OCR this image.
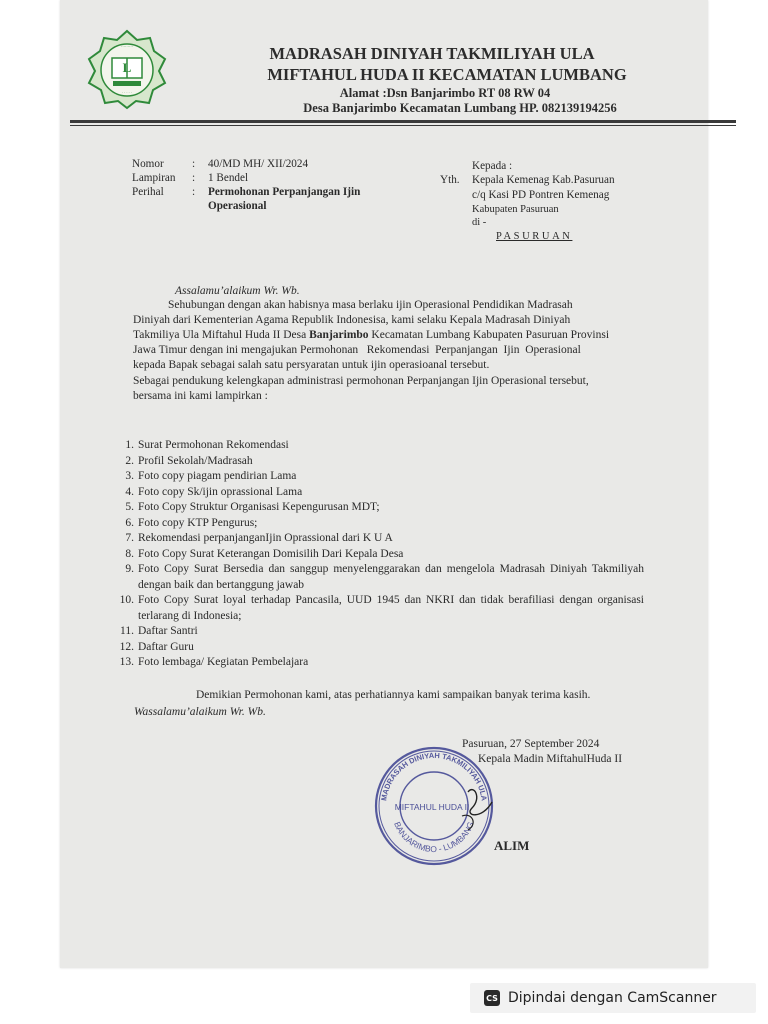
L
·········
· · · · ·
MADRASAH DINIYAH TAKMILIYAH ULA
MIFTAHUL HUDA II KECAMATAN LUMBANG
Alamat :Dsn Banjarimbo RT 08 RW 04
Desa Banjarimbo Kecamatan Lumbang HP. 082139194256
Nomor	: 40/MD MH/ XII/2024
Lampiran : 1 Bendel
Perihal	: Permohonan Perpanjangan Ijin
Operasional
Kepada :
Yth. Kepala Kemenag Kab.Pasuruan
c/q Kasi PD Pontren Kemenag
Kabupaten Pasuruan
di -
PASURUAN
Assalamu’alaikum Wr. Wb.
Sehubungan dengan akan habisnya masa berlaku ijin Operasional Pendidikan Madrasah
Diniyah dari Kementerian Agama Republik Indonesisa, kami selaku Kepala Madrasah Diniyah
Takmiliya Ula Miftahul Huda II Desa Banjarimbo Kecamatan Lumbang Kabupaten Pasuruan Provinsi
Jawa Timur dengan ini mengajukan Permohonan   Rekomendasi  Perpanjangan  Ijin  Operasional
kepada Bapak sebagai salah satu persyaratan untuk ijin operasioanal tersebut.
Sebagai pendukung kelengkapan administrasi permohonan Perpanjangan Ijin Operasional tersebut,
bersama ini kami lampirkan :
1. Surat Permohonan Rekomendasi
2. Profil Sekolah/Madrasah
3. Foto copy piagam pendirian Lama
4. Foto copy Sk/ijin oprassional Lama
5. Foto Copy Struktur Organisasi Kepengurusan MDT;
6. Foto copy KTP Pengurus;
7. Rekomendasi perpanjanganIjin Oprassional dari K U A
8. Foto Copy Surat Keterangan Domisilih Dari Kepala Desa
9. Foto Copy Surat Bersedia dan sanggup menyelenggarakan dan mengelola Madrasah Diniyah Takmiliyah dengan baik dan bertanggung jawab
10. Foto Copy Surat loyal terhadap Pancasila, UUD 1945 dan NKRI dan tidak berafiliasi dengan organisasi terlarang di Indonesia;
11. Daftar Santri
12. Daftar Guru
13. Foto lembaga/ Kegiatan Pembelajara
Demikian Permohonan kami, atas perhatiannya kami sampaikan banyak terima kasih.
Wassalamu’alaikum Wr. Wb.
Pasuruan, 27 September 2024
Kepala Madin MiftahulHuda II
MADRASAH DINIYAH TAKMILIYAH ULA
BANJARIMBO - LUMBANG
MIFTAHUL HUDA II
ALIM
CS Dipindai dengan CamScanner
